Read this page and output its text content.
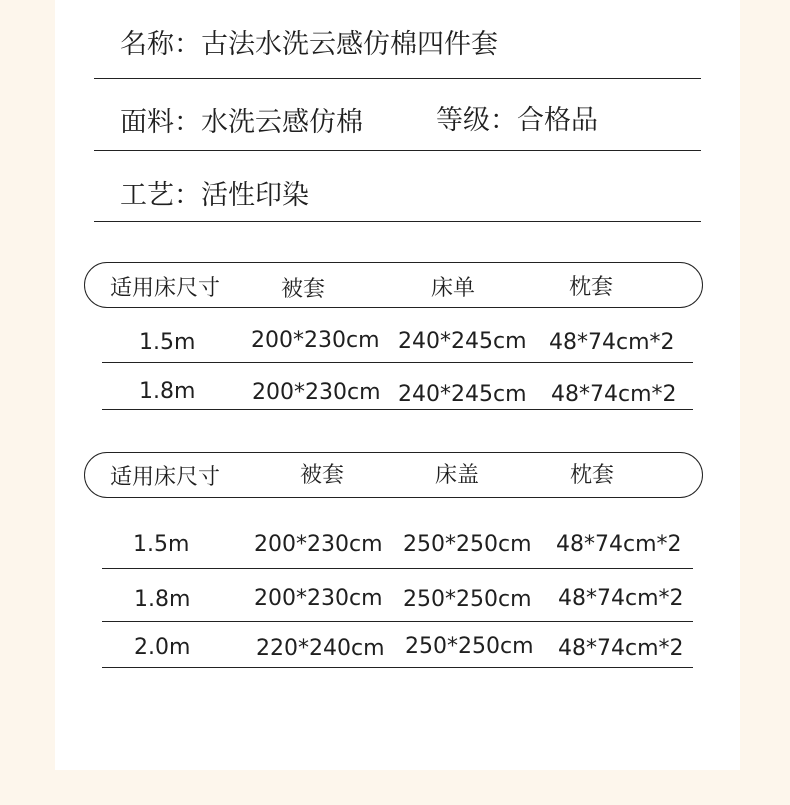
名称：古法水洗云感仿棉四件套
面料：水洗云感仿棉	等级：合格品
工艺：活性印染
适用床尺寸	被套	床单	枕套
1.5m	200*230cm 240*245cm 48*74cm*2
1.8m	200*230cm 240*245cm 48*74cm*2
适用床尺寸	被套	床盖	枕套
1.5m	200*230cm 250*250cm 48*74cm*2
1.8m	200*230cm 250*250cm 48*74cm*2
2.0m	220*240cm 250*250cm 48*74cm*2
